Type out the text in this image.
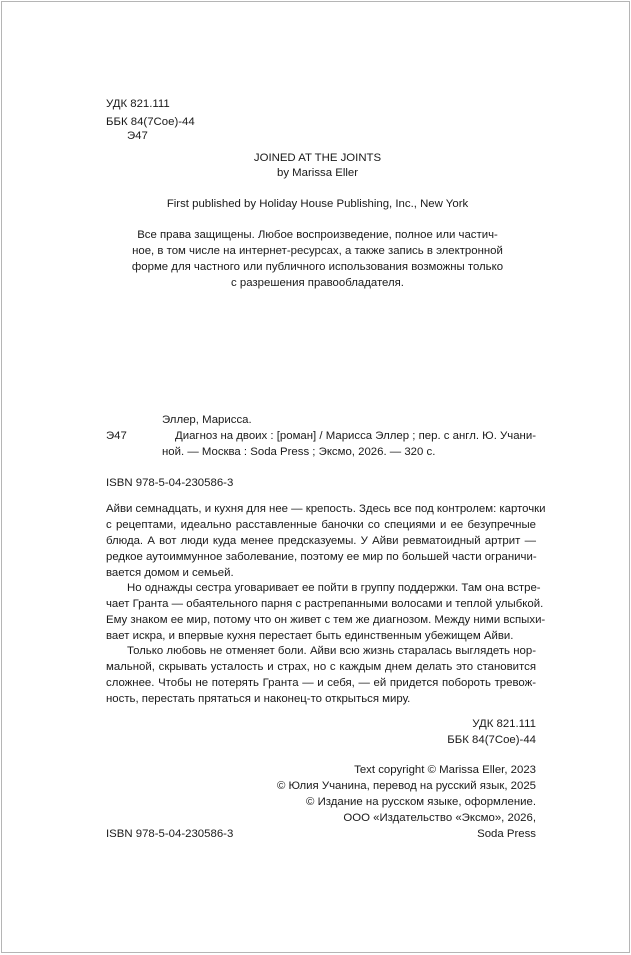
УДК 821.111
ББК 84(7Сое)-44
Э47
JOINED AT THE JOINTS
by Marissa Eller
First published by Holiday House Publishing, Inc., New York
Все права защищены. Любое воспроизведение, полное или частич-
ное, в том числе на интернет-ресурсах, а также запись в электронной
форме для частного или публичного использования возможны только
с разрешения правообладателя.
Эллер, Марисса.
Э47	Диагноз на двоих : [роман] / Марисса Эллер ; пер. с англ. Ю. Учани-
ной. — Москва : Soda Press ; Эксмо, 2026. — 320 с.
ISBN 978-5-04-230586-3
Айви семнадцать, и кухня для нее — крепость. Здесь все под контролем: карточки
с рецептами, идеально расставленные баночки со специями и ее безупречные
блюда. А вот люди куда менее предсказуемы. У Айви ревматоидный артрит —
редкое аутоиммунное заболевание, поэтому ее мир по большей части ограничи-
вается домом и семьей.
Но однажды сестра уговаривает ее пойти в группу поддержки. Там она встре-
чает Гранта — обаятельного парня с растрепанными волосами и теплой улыбкой.
Ему знаком ее мир, потому что он живет с тем же диагнозом. Между ними вспыхи-
вает искра, и впервые кухня перестает быть единственным убежищем Айви.
Только любовь не отменяет боли. Айви всю жизнь старалась выглядеть нор-
мальной, скрывать усталость и страх, но с каждым днем делать это становится
сложнее. Чтобы не потерять Гранта — и себя, — ей придется побороть тревож-
ность, перестать прятаться и наконец-то открыться миру.
УДК 821.111
ББК 84(7Сое)-44
Text copyright © Marissa Eller, 2023
© Юлия Учанина, перевод на русский язык, 2025
© Издание на русском языке, оформление.
ООО «Издательство «Эксмо», 2026,
Soda Press
ISBN 978-5-04-230586-3
